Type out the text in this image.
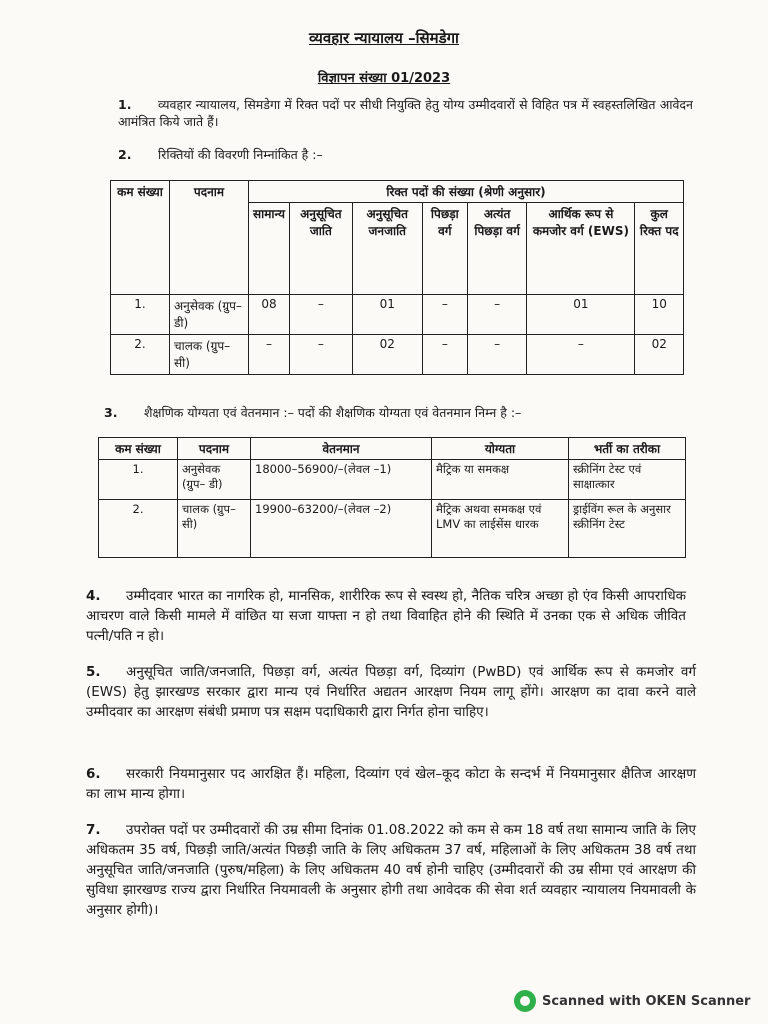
व्यवहार न्यायालय –सिमडेगा
विज्ञापन संख्या 01/2023
1. व्यवहार न्यायालय, सिमडेगा में रिक्त पदों पर सीधी नियुक्ति हेतु योग्य उम्मीदवारों से विहित पत्र में स्वहस्तलिखित आवेदन आमंत्रित किये जाते हैं।
2. रिक्तियों की विवरणी निम्नांकित है :–
कम संख्या	पदनाम	रिक्त पदों की संख्या (श्रेणी अनुसार)						
		सामान्य	अनुसूचित जाति	अनुसूचित जनजाति	पिछड़ा वर्ग	अत्यंत पिछड़ा वर्ग	आर्थिक रूप से कमजोर वर्ग (EWS)	कुल रिक्त पद
1.	अनुसेवक (ग्रुप–डी)	08	–	01	–	–	01	10
2.	चालक (ग्रुप–सी)	–	–	02	–	–	–	02
3. शैक्षणिक योग्यता एवं वेतनमान :– पदों की शैक्षणिक योग्यता एवं वेतनमान निम्न है :–
कम संख्या	पदनाम	वेतनमान	योग्यता	भर्ती का तरीका
1.	अनुसेवक (ग्रुप– डी)	18000–56900/–(लेवल –1)	मैट्रिक या समकक्ष	स्क्रीनिंग टेस्ट एवं साक्षात्कार
2.	चालक (ग्रुप– सी)	19900–63200/–(लेवल –2)	मैट्रिक अथवा समकक्ष एवं LMV का लाईसेंस धारक	ड्राईविंग रूल के अनुसार स्क्रीनिंग टेस्ट
4. उम्मीदवार भारत का नागरिक हो, मानसिक, शारीरिक रूप से स्वस्थ हो, नैतिक चरित्र अच्छा हो एंव किसी आपराधिक आचरण वाले किसी मामले में वांछित या सजा याफ्ता न हो तथा विवाहित होने की स्थिति में उनका एक से अधिक जीवित पत्नी/पति न हो।
5. अनुसूचित जाति/जनजाति, पिछड़ा वर्ग, अत्यंत पिछड़ा वर्ग, दिव्यांग (PwBD) एवं आर्थिक रूप से कमजोर वर्ग (EWS) हेतु झारखण्ड सरकार द्वारा मान्य एवं निर्धारित अद्यतन आरक्षण नियम लागू होंगे। आरक्षण का दावा करने वाले उम्मीदवार का आरक्षण संबंधी प्रमाण पत्र सक्षम पदाधिकारी द्वारा निर्गत होना चाहिए।
6. सरकारी नियमानुसार पद आरक्षित हैं। महिला, दिव्यांग एवं खेल–कूद कोटा के सन्दर्भ में नियमानुसार क्षैतिज आरक्षण का लाभ मान्य होगा।
7. उपरोक्त पदों पर उम्मीदवारों की उम्र सीमा दिनांक 01.08.2022 को कम से कम 18 वर्ष तथा सामान्य जाति के लिए अधिकतम 35 वर्ष, पिछड़ी जाति/अत्यंत पिछड़ी जाति के लिए अधिकतम 37 वर्ष, महिलाओं के लिए अधिकतम 38 वर्ष तथा अनुसूचित जाति/जनजाति (पुरुष/महिला) के लिए अधिकतम 40 वर्ष होनी चाहिए (उम्मीदवारों की उम्र सीमा एवं आरक्षण की सुविधा झारखण्ड राज्य द्वारा निर्धारित नियमावली के अनुसार होगी तथा आवेदक की सेवा शर्त व्यवहार न्यायालय नियमावली के अनुसार होगी)।
Scanned with OKEN Scanner
